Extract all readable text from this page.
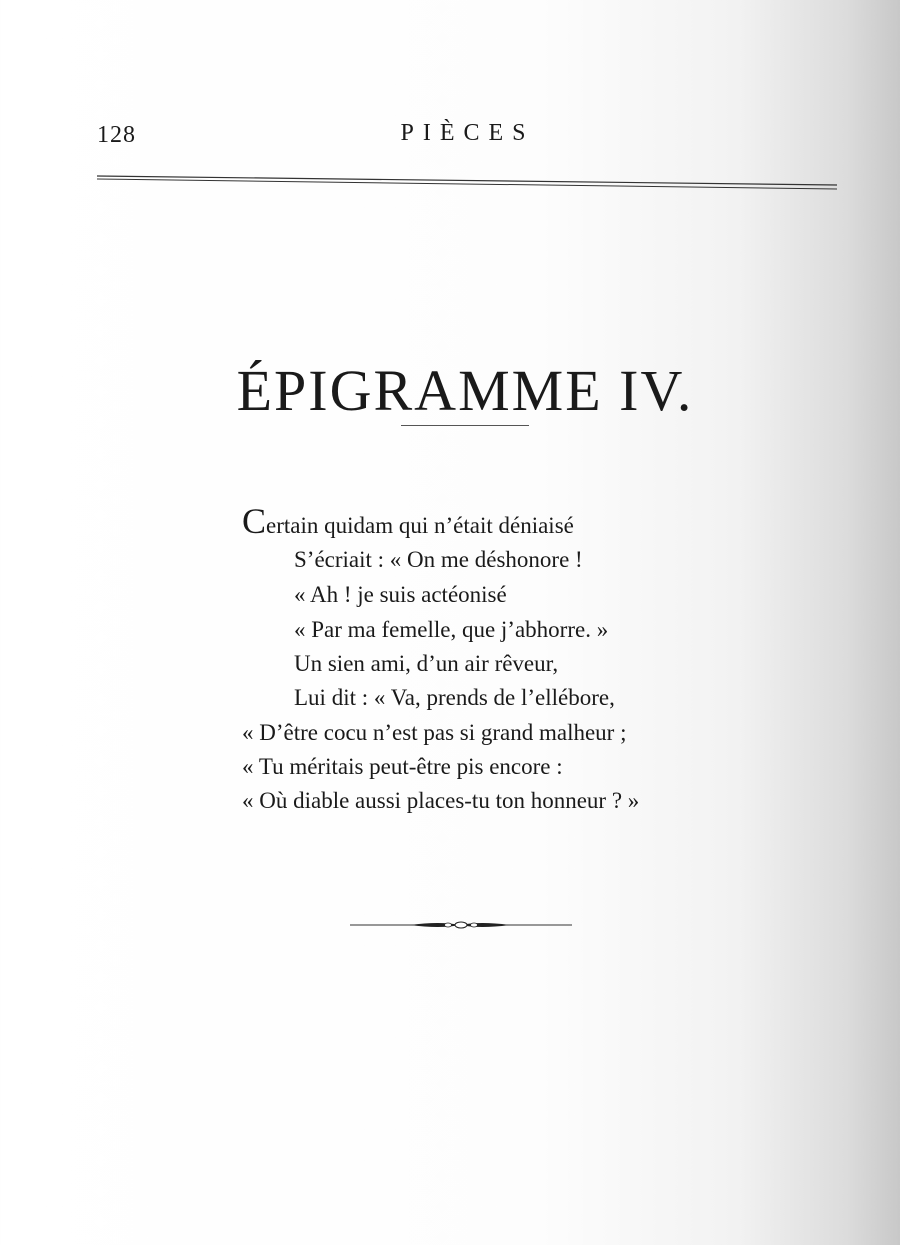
128	PIÈCES
ÉPIGRAMME IV.
Certain quidam qui n’était déniaisé
S’écriait : « On me déshonore !
« Ah ! je suis actéonisé
« Par ma femelle, que j’abhorre. »
Un sien ami, d’un air rêveur,
Lui dit : « Va, prends de l’ellébore,
« D’être cocu n’est pas si grand malheur ;
« Tu méritais peut-être pis encore :
« Où diable aussi places-tu ton honneur ? »
